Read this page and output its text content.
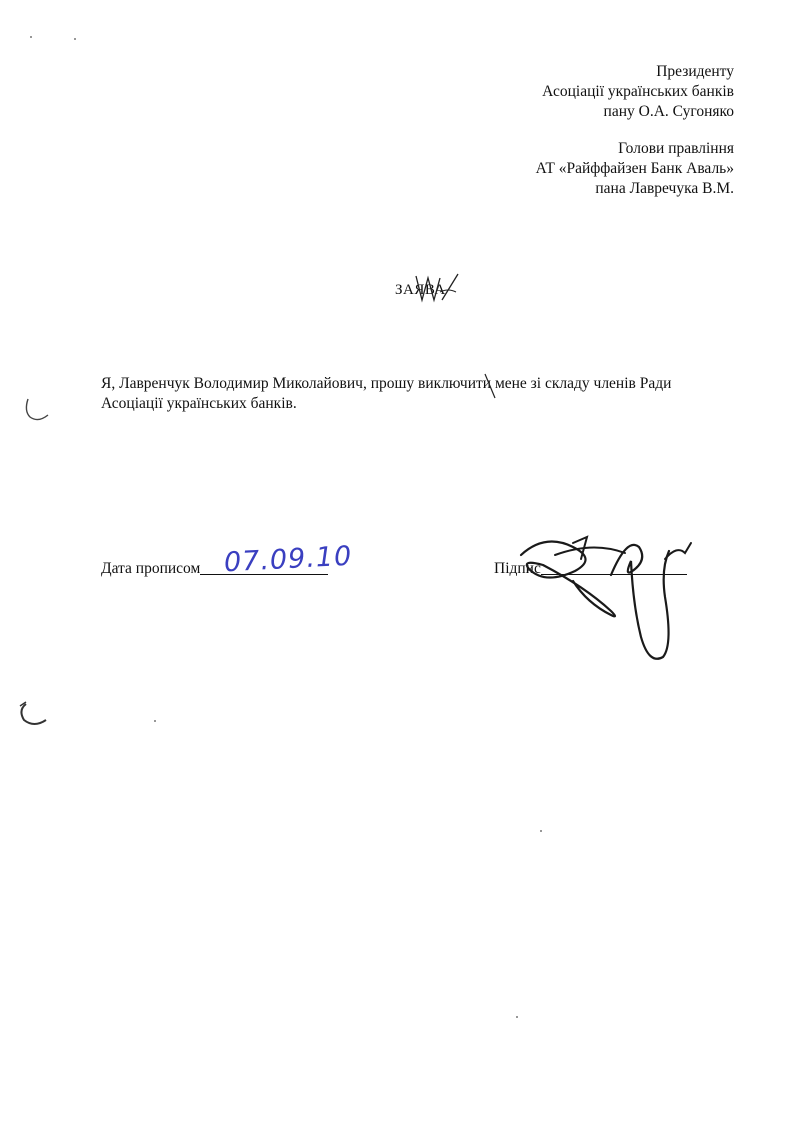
Президенту
Асоціації українських банків
пану О.А. Сугоняко
Голови правління
АТ «Райффайзен Банк Аваль»
пана Лавречука В.М.
ЗАЯВА
Я, Лавренчук Володимир Миколайович, прошу виключити мене зі складу членів Ради
Асоціації українських банків.
Дата прописом 07.09.10	Підпис
